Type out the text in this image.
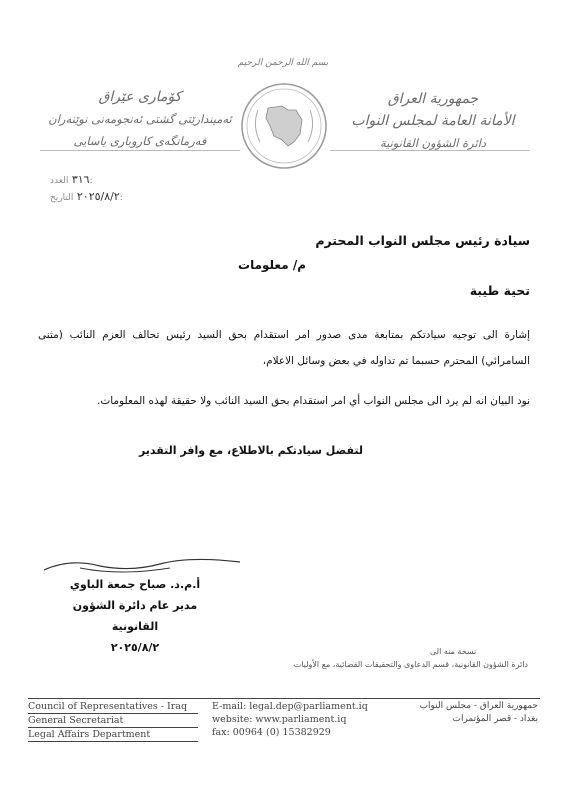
بسم الله الرحمن الرحيم
جمهورية العراق
الأمانة العامة لمجلس النواب
دائرة الشؤون القانونية
کۆماری عێراق
ئەمیندارێتی گشتی ئەنجومەنی نوێنەران
فەرمانگەی کاروباری یاسایی
٣١٦ العدد:
٢٠٢٥/٨/٢ التاريخ:
سيادة رئيس مجلس النواب المحترم
م/ معلومات
تحية طيبة
إشارة الى توجيه سيادتكم بمتابعة مدى صدور امر استقدام بحق السيد رئيس تحالف العزم النائب (مثنى السامرائي) المحترم حسبما تم تداوله في بعض وسائل الاعلام،
نود البيان انه لم يرد الى مجلس النواب أي امر استقدام بحق السيد النائب ولا حقيقة لهذه المعلومات.
لتفضل سيادتكم بالاطلاع، مع وافر التقدير
أ.م.د. صباح جمعة الباوي
مدير عام دائرة الشؤون القانونية
٢٠٢٥/٨/٢	نسخة منه الى
دائرة الشؤون القانونية، قسم الدعاوى والتحقيقات القضائية، مع الأوليات
Council of Representatives - Iraq
General Secretariat
Legal Affairs Department
E-mail: legal.dep@parliament.iq
website: www.parliament.iq
fax: 00964 (0) 15382929
جمهورية العراق - مجلس النواب
بغداد - قصر المؤتمرات
